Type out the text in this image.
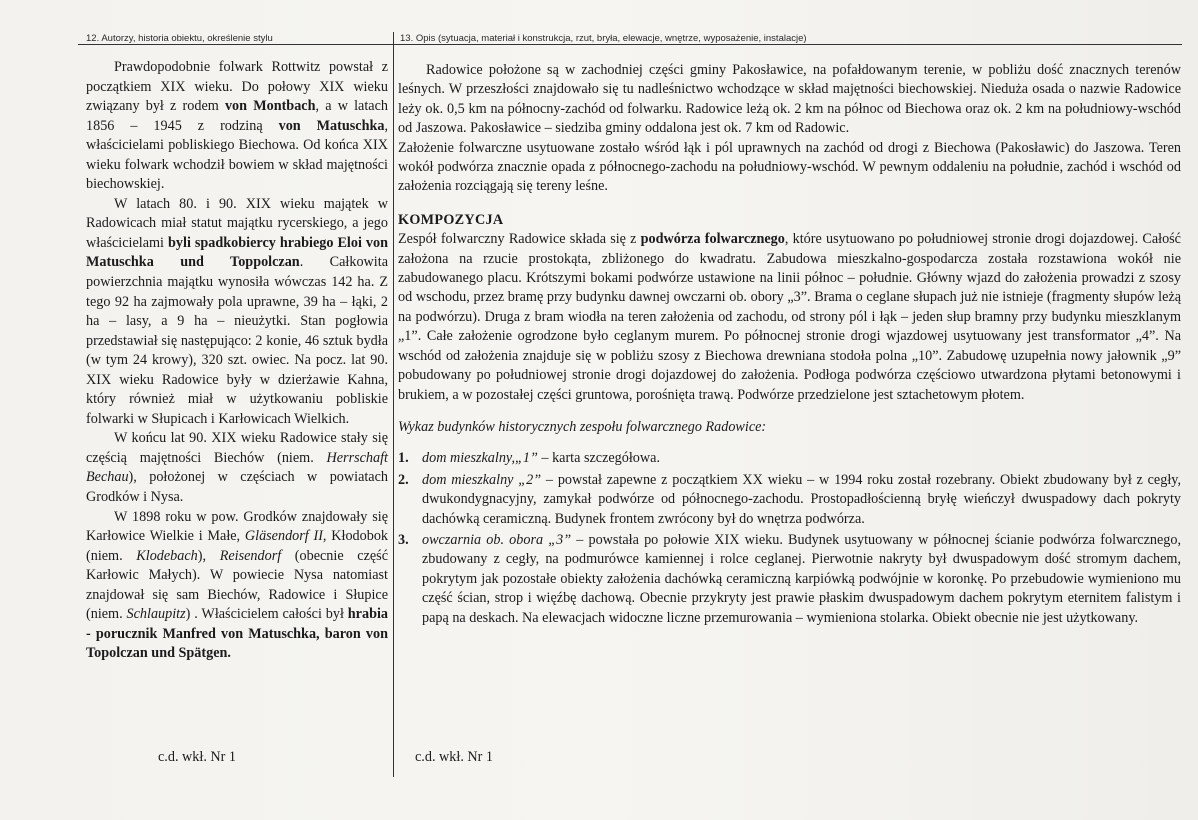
12. Autorzy, historia obiektu, określenie stylu	13. Opis (sytuacja, materiał i konstrukcja, rzut, bryła, elewacje, wnętrze, wyposażenie, instalacje)

Prawdopodobnie folwark Rottwitz powstał z początkiem XIX wieku. Do połowy XIX wieku związany był z rodem von Montbach, a w latach 1856 – 1945 z rodziną von Matuschka, właścicielami pobliskiego Biechowa. Od końca XIX wieku folwark wchodził bowiem w skład majętności biechowskiej.

W latach 80. i 90. XIX wieku majątek w Radowicach miał statut majątku rycerskiego, a jego właścicielami byli spadkobiercy hrabiego Eloi von Matuschka und Toppolczan. Całkowita powierzchnia majątku wynosiła wówczas 142 ha. Z tego 92 ha zajmowały pola uprawne, 39 ha – łąki, 2 ha – lasy, a 9 ha – nieużytki. Stan pogłowia przedstawiał się następująco: 2 konie, 46 sztuk bydła (w tym 24 krowy), 320 szt. owiec. Na pocz. lat 90. XIX wieku Radowice były w dzierżawie Kahna, który również miał w użytkowaniu pobliskie folwarki w Słupicach i Karłowicach Wielkich.

W końcu lat 90. XIX wieku Radowice stały się częścią majętności Biechów (niem. Herrschaft Bechau), położonej w częściach w powiatach Grodków i Nysa.

W 1898 roku w pow. Grodków znajdowały się Karłowice Wielkie i Małe, Gläsendorf II, Kłodobok (niem. Klodebach), Reisendorf (obecnie część Karłowic Małych). W powiecie Nysa natomiast znajdował się sam Biechów, Radowice i Słupice (niem. Schlaupitz) . Właścicielem całości był hrabia - porucznik Manfred von Matuschka, baron von Topolczan und Spätgen.

c.d. wkł. Nr 1

Radowice położone są w zachodniej części gminy Pakosławice, na pofałdowanym terenie, w pobliżu dość znacznych terenów leśnych. W przeszłości znajdowało się tu nadleśnictwo wchodzące w skład majętności biechowskiej. Nieduża osada o nazwie Radowice leży ok. 0,5 km na północny-zachód od folwarku. Radowice leżą ok. 2 km na północ od Biechowa oraz ok. 2 km na południowy-wschód od Jaszowa. Pakosławice – siedziba gminy oddalona jest ok. 7 km od Radowic.

Założenie folwarczne usytuowane zostało wśród łąk i pól uprawnych na zachód od drogi z Biechowa (Pakosławic) do Jaszowa. Teren wokół podwórza znacznie opada z północnego-zachodu na południowy-wschód. W pewnym oddaleniu na południe, zachód i wschód od założenia rozciągają się tereny leśne.

KOMPOZYCJA

Zespół folwarczny Radowice składa się z podwórza folwarcznego, które usytuowano po południowej stronie drogi dojazdowej. Całość założona na rzucie prostokąta, zbliżonego do kwadratu. Zabudowa mieszkalno-gospodarcza została rozstawiona wokół nie zabudowanego placu. Krótszymi bokami podwórze ustawione na linii północ – południe. Główny wjazd do założenia prowadzi z szosy od wschodu, przez bramę przy budynku dawnej owczarni ob. obory „3”. Brama o ceglane słupach już nie istnieje (fragmenty słupów leżą na podwórzu). Druga z bram wiodła na teren założenia od zachodu, od strony pól i łąk – jeden słup bramny przy budynku mieszklanym „1”. Całe założenie ogrodzone było ceglanym murem. Po północnej stronie drogi wjazdowej usytuowany jest transformator „4”. Na wschód od założenia znajduje się w pobliżu szosy z Biechowa drewniana stodoła polna „10”. Zabudowę uzupełnia nowy jałownik „9” pobudowany po południowej stronie drogi dojazdowej do założenia. Podłoga podwórza częściowo utwardzona płytami betonowymi i brukiem, a w pozostałej części gruntowa, porośnięta trawą. Podwórze przedzielone jest sztachetowym płotem.

Wykaz budynków historycznych zespołu folwarcznego Radowice:

1. dom mieszkalny,„1” – karta szczegółowa.
2. dom mieszkalny „2” – powstał zapewne z początkiem XX wieku – w 1994 roku został rozebrany. Obiekt zbudowany był z cegły, dwukondygnacyjny, zamykał podwórze od północnego-zachodu. Prostopadłościenną bryłę wieńczył dwuspadowy dach pokryty dachówką ceramiczną. Budynek frontem zwrócony był do wnętrza podwórza.
3. owczarnia ob. obora „3” – powstała po połowie XIX wieku. Budynek usytuowany w północnej ścianie podwórza folwarcznego, zbudowany z cegły, na podmurówce kamiennej i rolce ceglanej. Pierwotnie nakryty był dwuspadowym dość stromym dachem, pokrytym jak pozostałe obiekty założenia dachówką ceramiczną karpiówką podwójnie w koronkę. Po przebudowie wymieniono mu część ścian, strop i więźbę dachową. Obecnie przykryty jest prawie płaskim dwuspadowym dachem pokrytym eternitem falistym i papą na deskach. Na elewacjach widoczne liczne przemurowania – wymieniona stolarka. Obiekt obecnie nie jest użytkowany.
c.d. wkł. Nr 1
